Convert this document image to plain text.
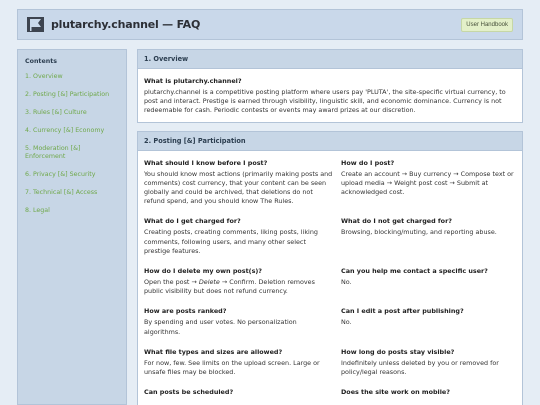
plutarchy.channel — FAQ	User Handbook
Contents
1. Overview
2. Posting [&] Participation
3. Rules [&] Culture
4. Currency [&] Economy
5. Moderation [&] Enforcement
6. Privacy [&] Security
7. Technical [&] Access
8. Legal
1. Overview
What is plutarchy.channel?
plutarchy.channel is a competitive posting platform where users pay 'PLUTA', the site-specific virtual currency, to post and interact. Prestige is earned through visibility, linguistic skill, and economic dominance. Currency is not redeemable for cash. Periodic contests or events may award prizes at our discretion.
2. Posting [&] Participation
What should I know before I post?
You should know most actions (primarily making posts and comments) cost currency, that your content can be seen globally and could be archived, that deletions do not refund spend, and you should know The Rules.
How do I post?
Create an account → Buy currency → Compose text or upload media → Weight post cost → Submit at acknowledged cost.
What do I get charged for?
Creating posts, creating comments, liking posts, liking comments, following users, and many other select prestige features.
What do I not get charged for?
Browsing, blocking/muting, and reporting abuse.
How do I delete my own post(s)?
Open the post → Delete → Confirm. Deletion removes public visibility but does not refund currency.
Can you help me contact a specific user?
No.
How are posts ranked?
By spending and user votes. No personalization algorithms.
Can I edit a post after publishing?
No.
What file types and sizes are allowed?
For now, few. See limits on the upload screen. Large or unsafe files may be blocked.
How long do posts stay visible?
Indefinitely unless deleted by you or removed for policy/legal reasons.
Can posts be scheduled?	Does the site work on mobile?
